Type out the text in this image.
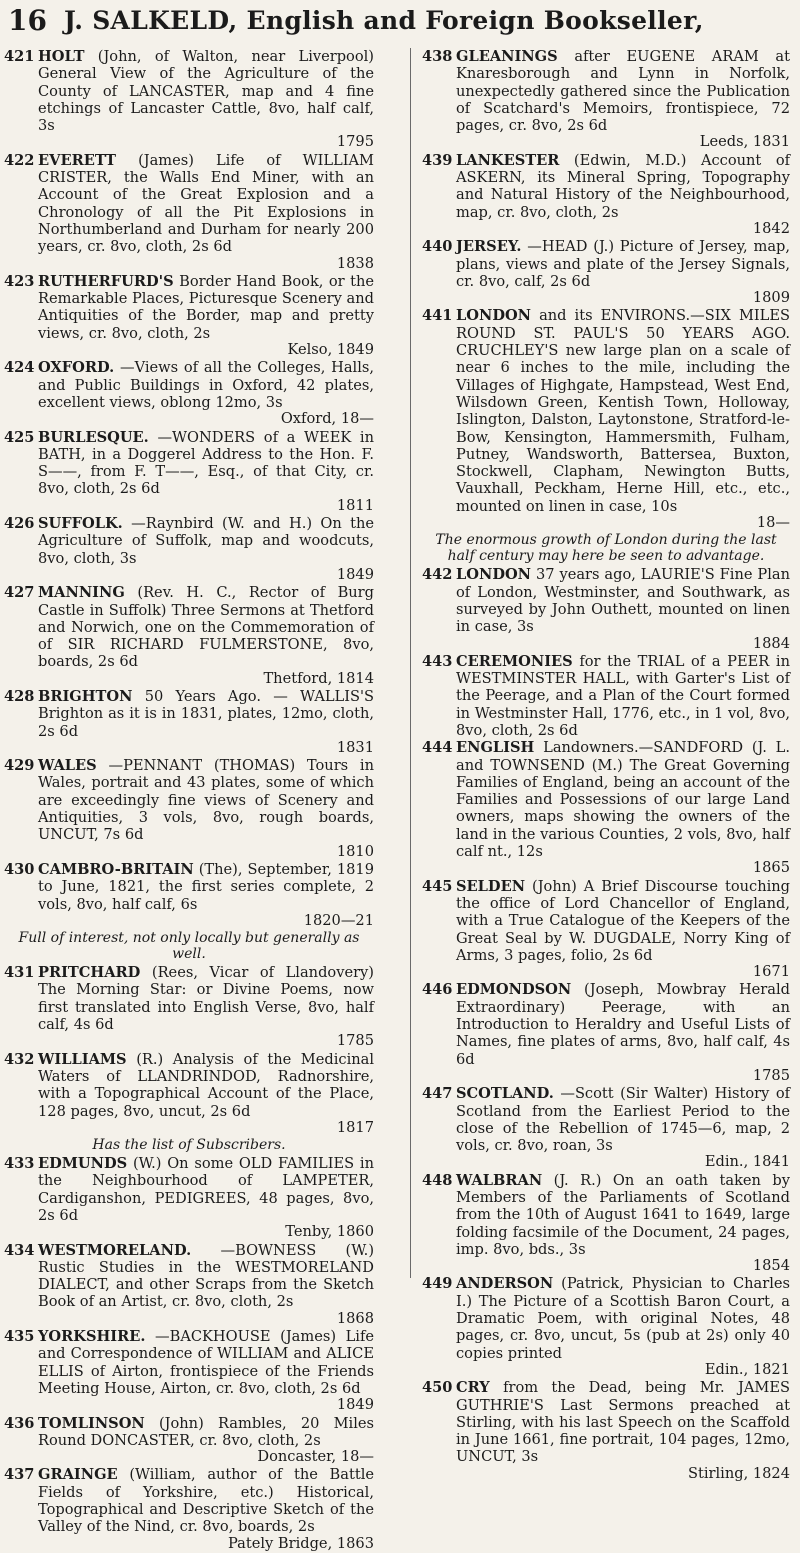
16 J. SALKELD, English and Foreign Bookseller,
421 HOLT (John, of Walton, near Liverpool) General View of the Agriculture of the County of LANCASTER, map and 4 fine etchings of Lancaster Cattle, 8vo, half calf, 3s
1795
422 EVERETT (James) Life of WILLIAM CRISTER, the Walls End Miner, with an Account of the Great Explosion and a Chronology of all the Pit Explosions in Northumberland and Durham for nearly 200 years, cr. 8vo, cloth, 2s 6d
1838
423 RUTHERFURD'S Border Hand Book, or the Remarkable Places, Picturesque Scenery and Antiquities of the Border, map and pretty views, cr. 8vo, cloth, 2s
Kelso, 1849
424 OXFORD. —Views of all the Colleges, Halls, and Public Buildings in Oxford, 42 plates, excellent views, oblong 12mo, 3s
Oxford, 18—
425 BURLESQUE. —WONDERS of a WEEK in BATH, in a Doggerel Address to the Hon. F. S——, from F. T——, Esq., of that City, cr. 8vo, cloth, 2s 6d
1811
426 SUFFOLK. —Raynbird (W. and H.) On the Agriculture of Suffolk, map and woodcuts, 8vo, cloth, 3s
1849
427 MANNING (Rev. H. C., Rector of Burg Castle in Suffolk) Three Sermons at Thetford and Norwich, one on the Commemoration of of SIR RICHARD FULMERSTONE, 8vo, boards, 2s 6d
Thetford, 1814
428 BRIGHTON 50 Years Ago. — WALLIS'S Brighton as it is in 1831, plates, 12mo, cloth, 2s 6d
1831
429 WALES —PENNANT (THOMAS) Tours in Wales, portrait and 43 plates, some of which are exceedingly fine views of Scenery and Antiquities, 3 vols, 8vo, rough boards, UNCUT, 7s 6d
1810
430 CAMBRO-BRITAIN (The), September, 1819 to June, 1821, the first series complete, 2 vols, 8vo, half calf, 6s
1820—21
Full of interest, not only locally but generally as well.
431 PRITCHARD (Rees, Vicar of Llandovery) The Morning Star: or Divine Poems, now first translated into English Verse, 8vo, half calf, 4s 6d
1785
432 WILLIAMS (R.) Analysis of the Medicinal Waters of LLANDRINDOD, Radnorshire, with a Topographical Account of the Place, 128 pages, 8vo, uncut, 2s 6d
1817
Has the list of Subscribers.
433 EDMUNDS (W.) On some OLD FAMILIES in the Neighbourhood of LAMPETER, Cardiganshon, PEDIGREES, 48 pages, 8vo, 2s 6d
Tenby, 1860
434 WESTMORELAND. —BOWNESS (W.) Rustic Studies in the WESTMORELAND DIALECT, and other Scraps from the Sketch Book of an Artist, cr. 8vo, cloth, 2s
1868
435 YORKSHIRE. —BACKHOUSE (James) Life and Correspondence of WILLIAM and ALICE ELLIS of Airton, frontispiece of the Friends Meeting House, Airton, cr. 8vo, cloth, 2s 6d
1849
436 TOMLINSON (John) Rambles, 20 Miles Round DONCASTER, cr. 8vo, cloth, 2s
Doncaster, 18—
437 GRAINGE (William, author of the Battle Fields of Yorkshire, etc.) Historical, Topographical and Descriptive Sketch of the Valley of the Nind, cr. 8vo, boards, 2s
Pately Bridge, 1863
438 GLEANINGS after EUGENE ARAM at Knaresborough and Lynn in Norfolk, unexpectedly gathered since the Publication of Scatchard's Memoirs, frontispiece, 72 pages, cr. 8vo, 2s 6d
Leeds, 1831
439 LANKESTER (Edwin, M.D.) Account of ASKERN, its Mineral Spring, Topography and Natural History of the Neighbourhood, map, cr. 8vo, cloth, 2s
1842
440 JERSEY. —HEAD (J.) Picture of Jersey, map, plans, views and plate of the Jersey Signals, cr. 8vo, calf, 2s 6d
1809
441 LONDON and its ENVIRONS.—SIX MILES ROUND ST. PAUL'S 50 YEARS AGO. CRUCHLEY'S new large plan on a scale of near 6 inches to the mile, including the Villages of Highgate, Hampstead, West End, Wilsdown Green, Kentish Town, Holloway, Islington, Dalston, Laytonstone, Stratford-le-Bow, Kensington, Hammersmith, Fulham, Putney, Wandsworth, Battersea, Buxton, Stockwell, Clapham, Newington Butts, Vauxhall, Peckham, Herne Hill, etc., etc., mounted on linen in case, 10s
18—
The enormous growth of London during the last half century may here be seen to advantage.
442 LONDON 37 years ago, LAURIE'S Fine Plan of London, Westminster, and Southwark, as surveyed by John Outhett, mounted on linen in case, 3s
1884
443 CEREMONIES for the TRIAL of a PEER in WESTMINSTER HALL, with Garter's List of the Peerage, and a Plan of the Court formed in Westminster Hall, 1776, etc., in 1 vol, 8vo, 8vo, cloth, 2s 6d
444 ENGLISH Landowners.—SANDFORD (J. L. and TOWNSEND (M.) The Great Governing Families of England, being an account of the Families and Possessions of our large Land owners, maps showing the owners of the land in the various Counties, 2 vols, 8vo, half calf nt., 12s
1865
445 SELDEN (John) A Brief Discourse touching the office of Lord Chancellor of England, with a True Catalogue of the Keepers of the Great Seal by W. DUGDALE, Norry King of Arms, 3 pages, folio, 2s 6d
1671
446 EDMONDSON (Joseph, Mowbray Herald Extraordinary) Peerage, with an Introduction to Heraldry and Useful Lists of Names, fine plates of arms, 8vo, half calf, 4s 6d
1785
447 SCOTLAND. —Scott (Sir Walter) History of Scotland from the Earliest Period to the close of the Rebellion of 1745—6, map, 2 vols, cr. 8vo, roan, 3s
Edin., 1841
448 WALBRAN (J. R.) On an oath taken by Members of the Parliaments of Scotland from the 10th of August 1641 to 1649, large folding facsimile of the Document, 24 pages, imp. 8vo, bds., 3s
1854
449 ANDERSON (Patrick, Physician to Charles I.) The Picture of a Scottish Baron Court, a Dramatic Poem, with original Notes, 48 pages, cr. 8vo, uncut, 5s (pub at 2s) only 40 copies printed
Edin., 1821
450 CRY from the Dead, being Mr. JAMES GUTHRIE'S Last Sermons preached at Stirling, with his last Speech on the Scaffold in June 1661, fine portrait, 104 pages, 12mo, UNCUT, 3s
Stirling, 1824
